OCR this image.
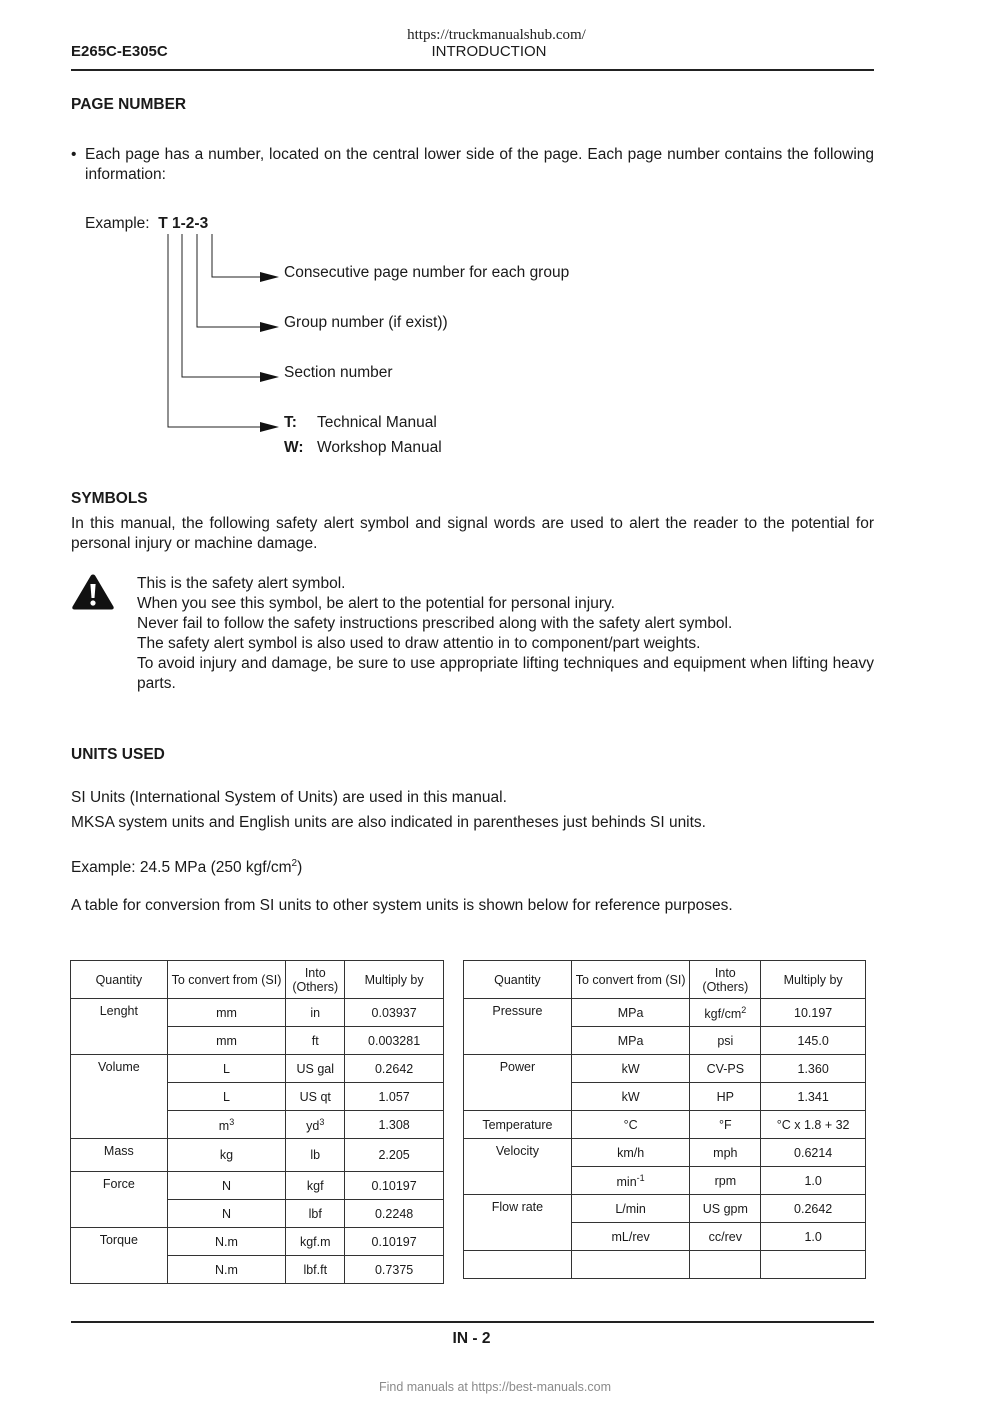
https://truckmanualshub.com/
E265C-E305C	INTRODUCTION
PAGE NUMBER
• Each page has a number, located on the central lower side of the page. Each page number contains the following information:
Example: T 1-2-3
Consecutive page number for each group
Group number (if exist))
Section number
T: Technical Manual
W: Workshop Manual
SYMBOLS
In this manual, the following safety alert symbol and signal words are used to alert the reader to the potential for personal injury or machine damage.
This is the safety alert symbol.
When you see this symbol, be alert to the potential for personal injury.
Never fail to follow the safety instructions prescribed along with the safety alert symbol.
The safety alert symbol is also used to draw attentio in to component/part weights.
To avoid injury and damage, be sure to use appropriate lifting techniques and equipment when lifting heavy parts.
UNITS USED
SI Units (International System of Units) are used in this manual.
MKSA system units and English units are also indicated in parentheses just behinds SI units.
Example: 24.5 MPa (250 kgf/$cm^2$)
A table for conversion from SI units to other system units is shown below for reference purposes.
Quantity	To convert from (SI)	Into (Others)	Multiply by
Lenght	mm	in	0.03937
	mm	ft	0.003281
Volume	L	US gal	0.2642
	L	US qt	1.057
	$m^3$	$yd^3$	1.308
Mass	kg	lb	2.205
Force	N	kgf	0.10197
	N	lbf	0.2248
Torque	N.m	kgf.m	0.10197
	N.m	lbf.ft	0.7375
Quantity	To convert from (SI)	Into (Others)	Multiply by
Pressure	MPa	kgf/$cm^2$	10.197
	MPa	psi	145.0
Power	kW	CV-PS	1.360
	kW	HP	1.341
Temperature	°C	°F	°C x 1.8 + 32
Velocity	km/h	mph	0.6214
	$\min^{-1}$	rpm	1.0
Flow rate	L/min	US gpm	0.2642
	mL/rev	cc/rev	1.0

IN - 2
Find manuals at https://best-manuals.com
